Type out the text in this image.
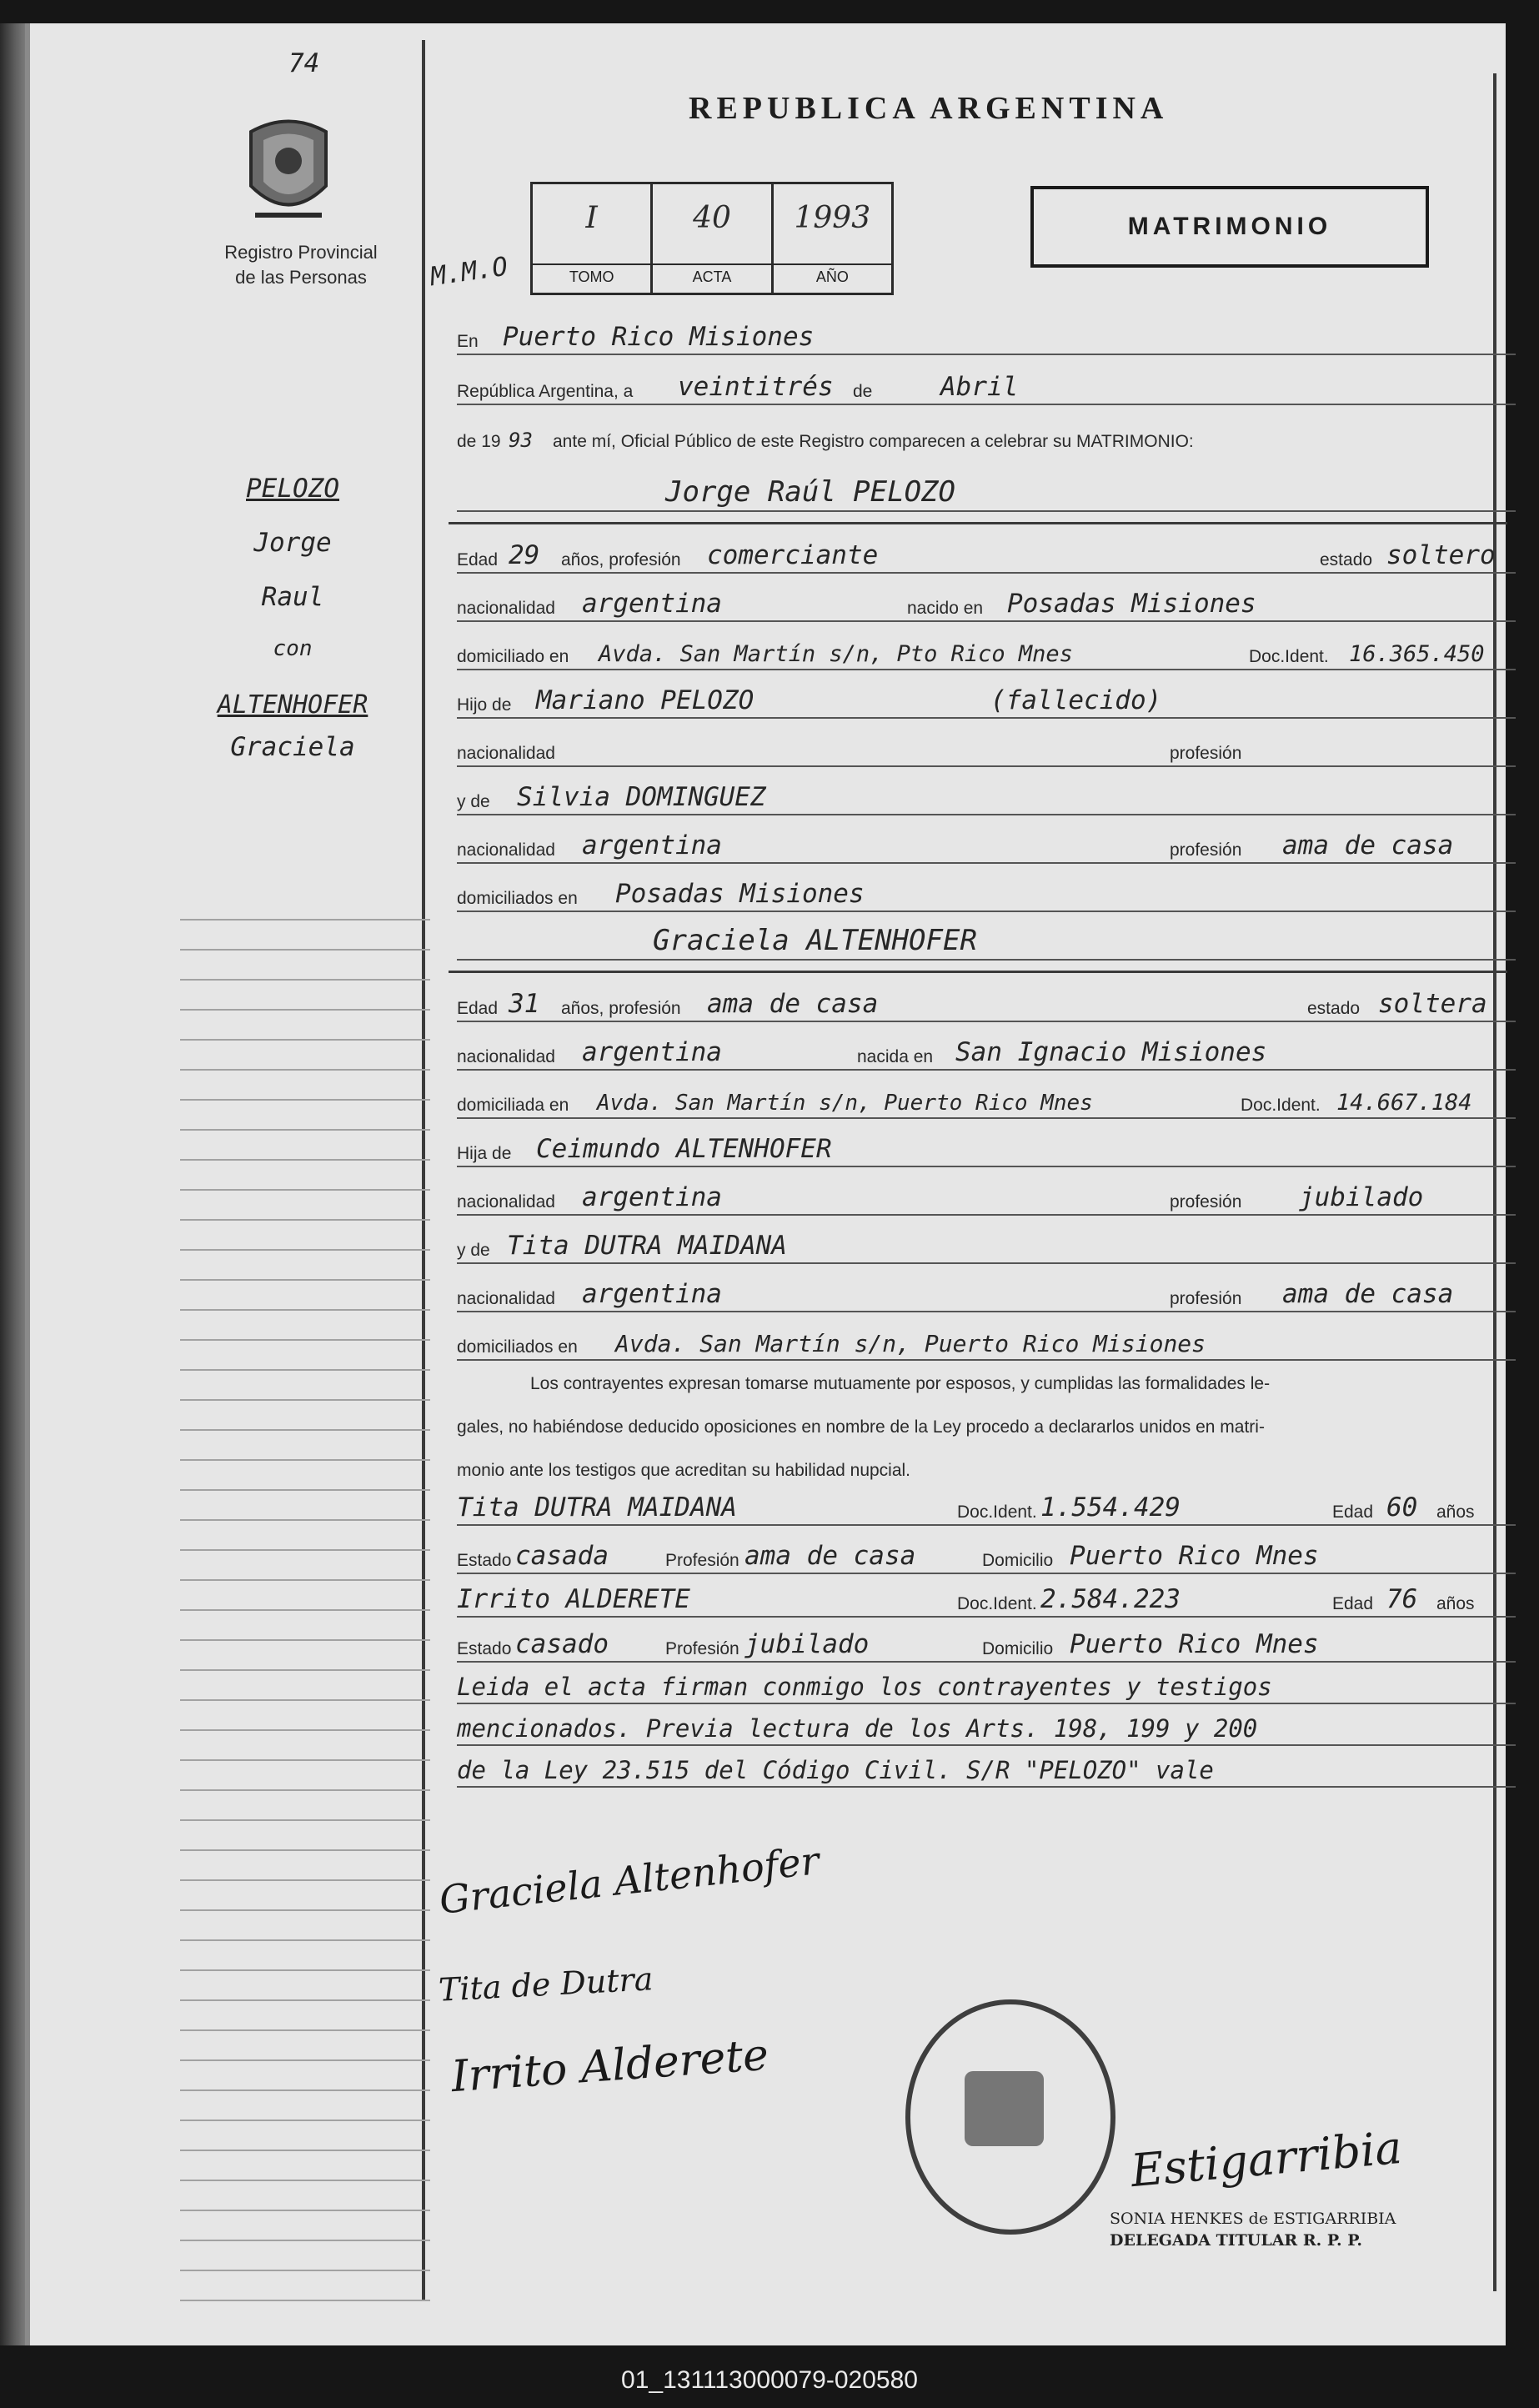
74
Registro Provincial
de las Personas
REPUBLICA ARGENTINA
M.M.O
I
TOMO
40
ACTA
1993
AÑO
MATRIMONIO
PELOZO
Jorge
Raul
con
ALTENHOFER
Graciela
En Puerto Rico Misiones
República Argentina, a veintitrés de	Abril
de 19 93 ante mí, Oficial Público de este Registro comparecen a celebrar su MATRIMONIO:
Jorge Raúl PELOZO
Edad 29 años, profesión comerciante	estado soltero
nacionalidad argentina	nacido en Posadas Misiones
domiciliado en Avda. San Martín s/n, Pto Rico Mnes	Doc.Ident. 16.365.450
Hijo de Mariano PELOZO	(fallecido)
nacionalidad	profesión
y de Silvia DOMINGUEZ
nacionalidad argentina	profesión ama de casa
domiciliados en Posadas Misiones
Graciela ALTENHOFER
Edad 31 años, profesión ama de casa	estado soltera
nacionalidad argentina	nacida en San Ignacio Misiones
domiciliada en Avda. San Martín s/n, Puerto Rico Mnes	Doc.Ident. 14.667.184
Hija de Ceimundo ALTENHOFER
nacionalidad argentina	profesión jubilado
y de Tita DUTRA MAIDANA
nacionalidad argentina	profesión ama de casa
domiciliados en Avda. San Martín s/n, Puerto Rico Misiones
Los contrayentes expresan tomarse mutuamente por esposos, y cumplidas las formalidades le-
gales, no habiéndose deducido oposiciones en nombre de la Ley procedo a declararlos unidos en matri-
monio ante los testigos que acreditan su habilidad nupcial.
Tita DUTRA MAIDANA	Doc.Ident. 1.554.429	Edad 60 años
Estado casada	Profesión ama de casa	Domicilio Puerto Rico Mnes
Irrito ALDERETE	Doc.Ident. 2.584.223	Edad 76 años
Estado casado	Profesión jubilado	Domicilio Puerto Rico Mnes
Leida el acta firman conmigo los contrayentes y testigos
mencionados. Previa lectura de los Arts. 198, 199 y 200
de la Ley 23.515 del Código Civil. S/R "PELOZO" vale
Graciela Altenhofer
Tita de Dutra
Irrito Alderete
Estigarribia
SONIA HENKES de ESTIGARRIBIA
DELEGADA TITULAR R. P. P.
01_131113000079-020580
